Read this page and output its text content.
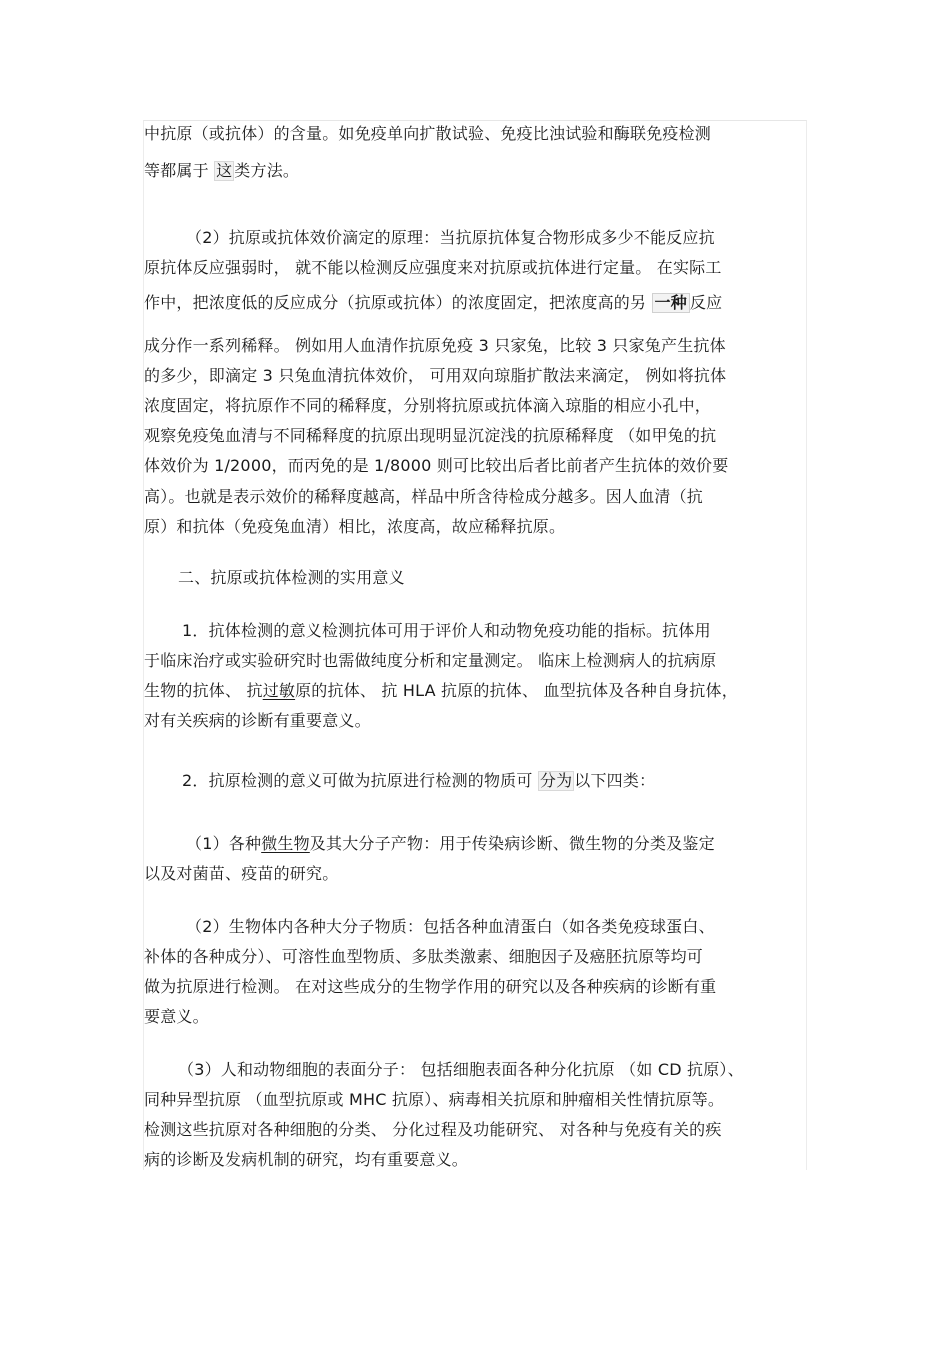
中抗原（或抗体）的含量。如免疫单向扩散试验、免疫比浊试验和酶联免疫检测
等都属于 这 类方法。
（2）抗原或抗体效价滴定的原理：当抗原抗体复合物形成多少不能反应抗
原抗体反应强弱时， 就不能以检测反应强度来对抗原或抗体进行定量。 在实际工
作中，把浓度低的反应成分（抗原或抗体）的浓度固定，把浓度高的另 一种 反应
成分作一系列稀释。 例如用人血清作抗原免疫 3 只家兔，比较 3 只家兔产生抗体
的多少，即滴定 3 只兔血清抗体效价， 可用双向琼脂扩散法来滴定， 例如将抗体
浓度固定，将抗原作不同的稀释度，分别将抗原或抗体滴入琼脂的相应小孔中，
观察免疫兔血清与不同稀释度的抗原出现明显沉淀浅的抗原稀释度 （如甲兔的抗
体效价为 1/2000，而丙免的是 1/8000 则可比较出后者比前者产生抗体的效价要
高）。也就是表示效价的稀释度越高，样品中所含待检成分越多。因人血清（抗
原）和抗体（免疫兔血清）相比，浓度高，故应稀释抗原。
二、抗原或抗体检测的实用意义
1．抗体检测的意义检测抗体可用于评价人和动物免疫功能的指标。抗体用
于临床治疗或实验研究时也需做纯度分析和定量测定。 临床上检测病人的抗病原
生物的抗体、 抗过敏原的抗体、 抗 HLA 抗原的抗体、 血型抗体及各种自身抗体，
对有关疾病的诊断有重要意义。
2．抗原检测的意义可做为抗原进行检测的物质可 分为 以下四类：
（1）各种微生物及其大分子产物：用于传染病诊断、微生物的分类及鉴定
以及对菌苗、疫苗的研究。
（2）生物体内各种大分子物质：包括各种血清蛋白（如各类免疫球蛋白、
补体的各种成分）、可溶性血型物质、多肽类激素、细胞因子及癌胚抗原等均可
做为抗原进行检测。 在对这些成分的生物学作用的研究以及各种疾病的诊断有重
要意义。
（3）人和动物细胞的表面分子： 包括细胞表面各种分化抗原 （如 CD 抗原）、
同种异型抗原 （血型抗原或 MHC 抗原）、病毒相关抗原和肿瘤相关性情抗原等。
检测这些抗原对各种细胞的分类、 分化过程及功能研究、 对各种与免疫有关的疾
病的诊断及发病机制的研究，均有重要意义。
